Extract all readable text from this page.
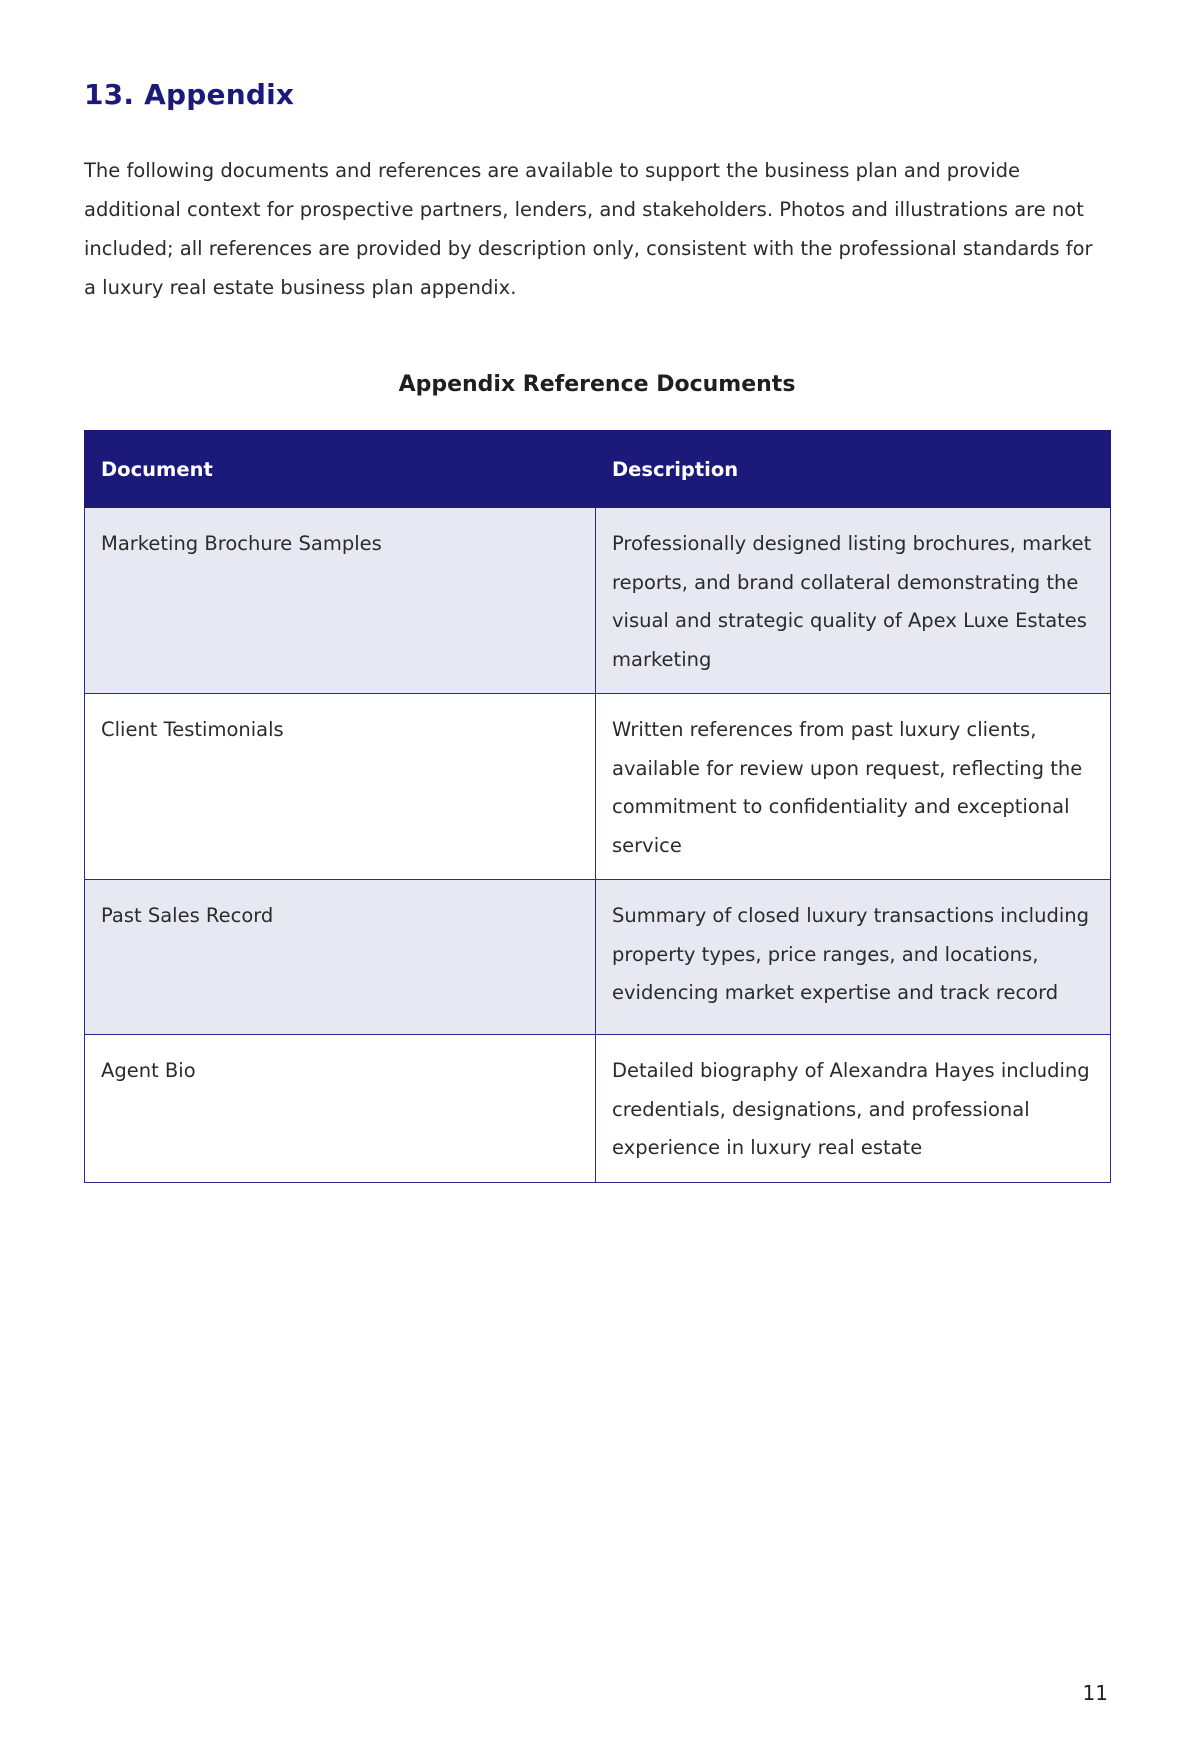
13. Appendix

The following documents and references are available to support the business plan and provide additional context for prospective partners, lenders, and stakeholders. Photos and illustrations are not included; all references are provided by description only, consistent with the professional standards for a luxury real estate business plan appendix.

Appendix Reference Documents

Document	Description
Marketing Brochure Samples	Professionally designed listing brochures, market reports, and brand collateral demonstrating the visual and strategic quality of Apex Luxe Estates marketing
Client Testimonials	Written references from past luxury clients, available for review upon request, reflecting the commitment to confidentiality and exceptional service
Past Sales Record	Summary of closed luxury transactions including property types, price ranges, and locations, evidencing market expertise and track record
Agent Bio	Detailed biography of Alexandra Hayes including credentials, designations, and professional experience in luxury real estate
11
